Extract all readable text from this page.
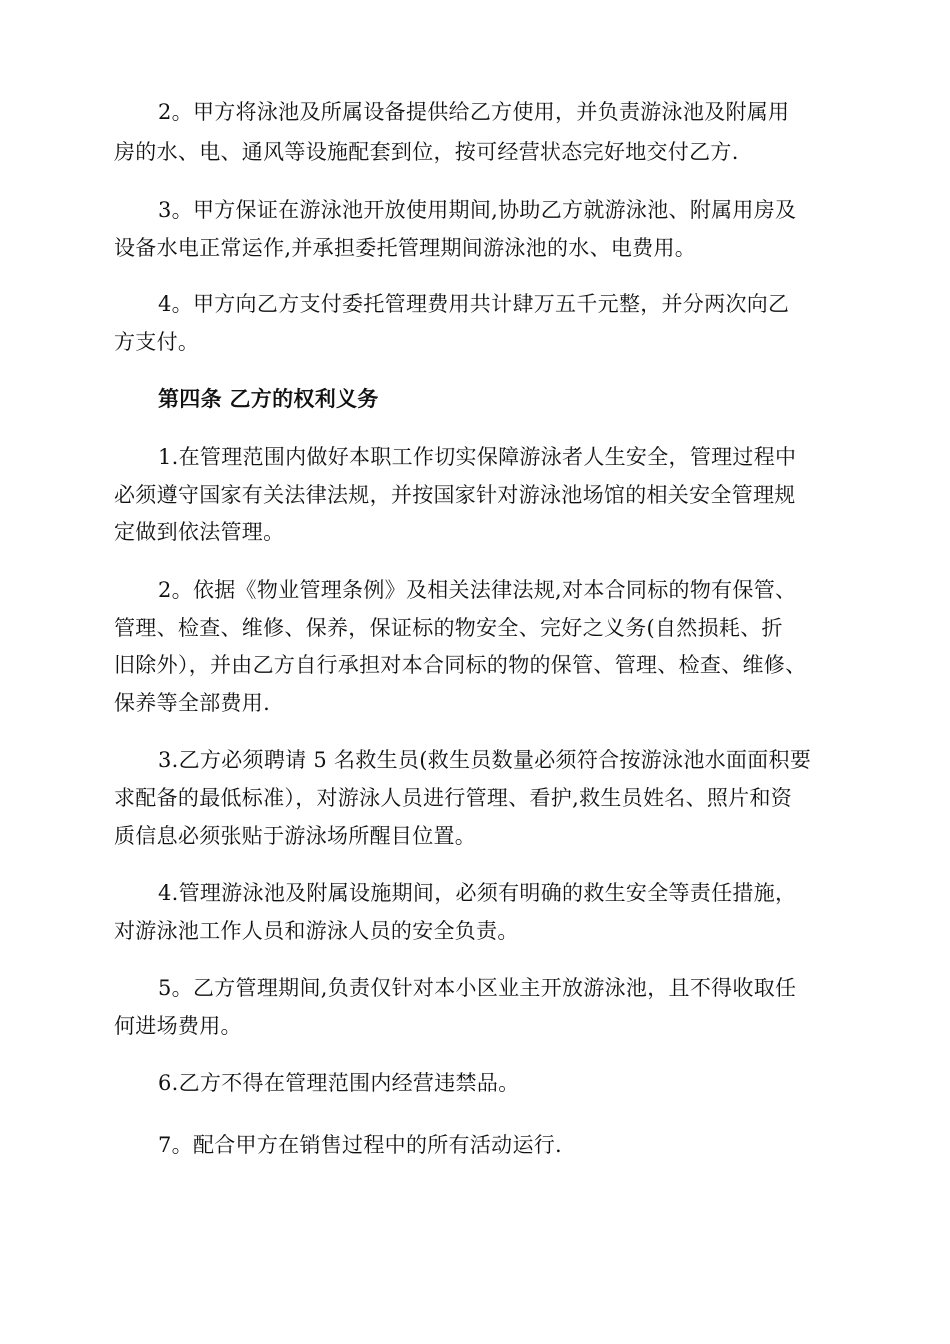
2。甲方将泳池及所属设备提供给乙方使用，并负责游泳池及附属用
房的水、电、通风等设施配套到位，按可经营状态完好地交付乙方.
3。甲方保证在游泳池开放使用期间,协助乙方就游泳池、附属用房及
设备水电正常运作,并承担委托管理期间游泳池的水、电费用。
4。甲方向乙方支付委托管理费用共计肆万五千元整，并分两次向乙
方支付。
第四条 乙方的权利义务
1.在管理范围内做好本职工作切实保障游泳者人生安全，管理过程中
必须遵守国家有关法律法规，并按国家针对游泳池场馆的相关安全管理规
定做到依法管理。
2。依据《物业管理条例》及相关法律法规,对本合同标的物有保管、
管理、检查、维修、保养，保证标的物安全、完好之义务(自然损耗、折
旧除外），并由乙方自行承担对本合同标的物的保管、管理、检查、维修、
保养等全部费用.
3.乙方必须聘请 5 名救生员(救生员数量必须符合按游泳池水面面积要
求配备的最低标准），对游泳人员进行管理、看护,救生员姓名、照片和资
质信息必须张贴于游泳场所醒目位置。
4.管理游泳池及附属设施期间，必须有明确的救生安全等责任措施，
对游泳池工作人员和游泳人员的安全负责。
5。乙方管理期间,负责仅针对本小区业主开放游泳池，且不得收取任
何进场费用。
6.乙方不得在管理范围内经营违禁品。
7。配合甲方在销售过程中的所有活动运行.
